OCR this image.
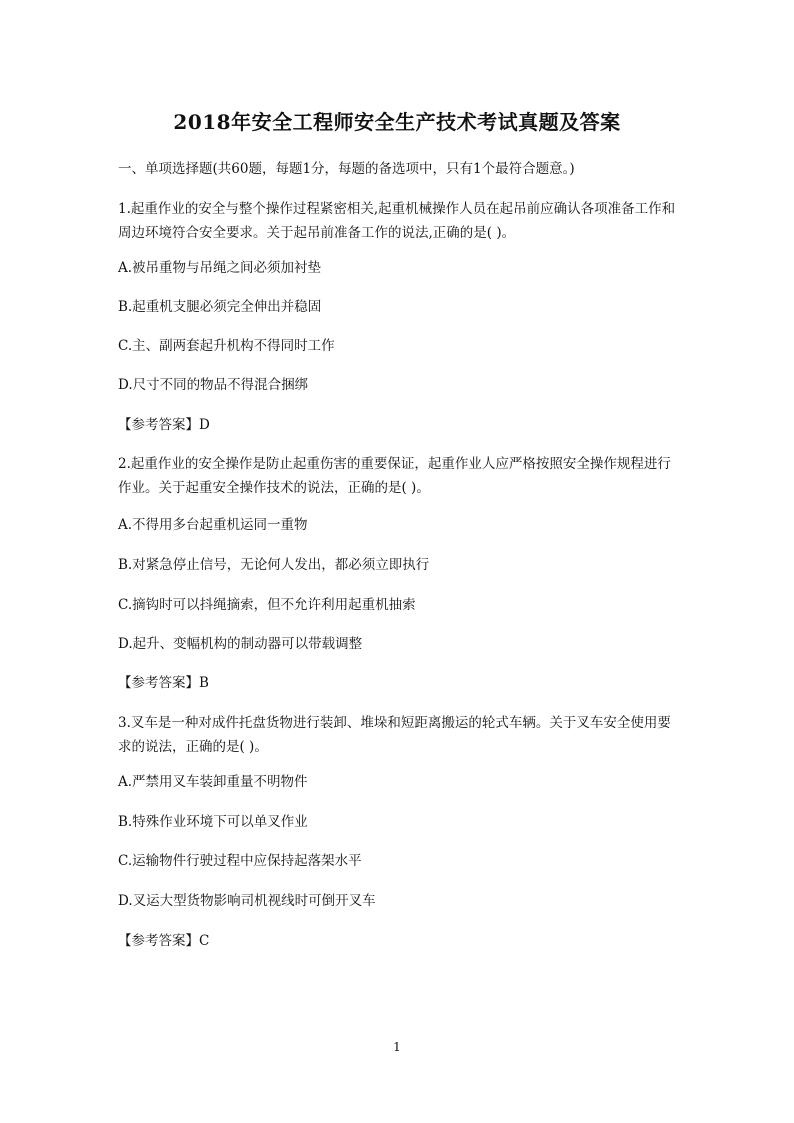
2018年安全工程师安全生产技术考试真题及答案
一、单项选择题(共60题，每题1分，每题的备选项中，只有1个最符合题意。)
1.起重作业的安全与整个操作过程紧密相关,起重机械操作人员在起吊前应确认各项准备工作和周边环境符合安全要求。关于起吊前准备工作的说法,正确的是( )。
A.被吊重物与吊绳之间必须加衬垫
B.起重机支腿必须完全伸出并稳固
C.主、副两套起升机构不得同时工作
D.尺寸不同的物品不得混合捆绑
【参考答案】D
2.起重作业的安全操作是防止起重伤害的重要保证，起重作业人应严格按照安全操作规程进行作业。关于起重安全操作技术的说法，正确的是( )。
A.不得用多台起重机运同一重物
B.对紧急停止信号，无论何人发出，都必须立即执行
C.摘钩时可以抖绳摘索，但不允许利用起重机抽索
D.起升、变幅机构的制动器可以带载调整
【参考答案】B
3.叉车是一种对成件托盘货物进行装卸、堆垛和短距离搬运的轮式车辆。关于叉车安全使用要求的说法，正确的是( )。
A.严禁用叉车装卸重量不明物件
B.特殊作业环境下可以单叉作业
C.运输物件行驶过程中应保持起落架水平
D.叉运大型货物影响司机视线时可倒开叉车
【参考答案】C
1
